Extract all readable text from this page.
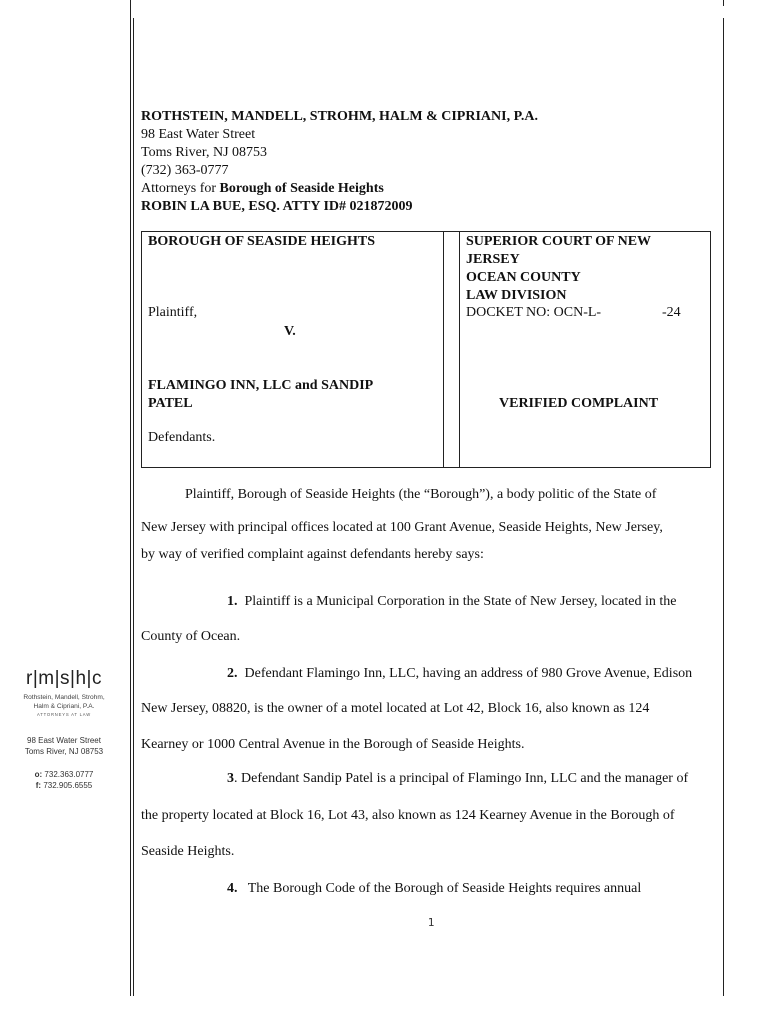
r|m|s|h|c
Rothstein, Mandell, Strohm,
Halm & Cipriani, P.A.
ATTORNEYS AT LAW
98 East Water Street
Toms River, NJ 08753
o: 732.363.0777
f: 732.905.6555
ROTHSTEIN, MANDELL, STROHM, HALM & CIPRIANI, P.A.
98 East Water Street
Toms River, NJ 08753
(732) 363-0777
Attorneys for Borough of Seaside Heights
ROBIN LA BUE, ESQ. ATTY ID# 021872009
BOROUGH OF SEASIDE HEIGHTS
Plaintiff,
V.
FLAMINGO INN, LLC and SANDIP
PATEL
Defendants.
SUPERIOR COURT OF NEW
JERSEY
OCEAN COUNTY
LAW DIVISION
DOCKET NO: OCN-L-	-24
VERIFIED COMPLAINT
Plaintiff, Borough of Seaside Heights (the “Borough”), a body politic of the State of
New Jersey with principal offices located at 100 Grant Avenue, Seaside Heights, New Jersey,
by way of verified complaint against defendants hereby says:
1. Plaintiff is a Municipal Corporation in the State of New Jersey, located in the
County of Ocean.
2. Defendant Flamingo Inn, LLC, having an address of 980 Grove Avenue, Edison
New Jersey, 08820, is the owner of a motel located at Lot 42, Block 16, also known as 124
Kearney or 1000 Central Avenue in the Borough of Seaside Heights.
3. Defendant Sandip Patel is a principal of Flamingo Inn, LLC and the manager of
the property located at Block 16, Lot 43, also known as 124 Kearney Avenue in the Borough of
Seaside Heights.
4. The Borough Code of the Borough of Seaside Heights requires annual
1
